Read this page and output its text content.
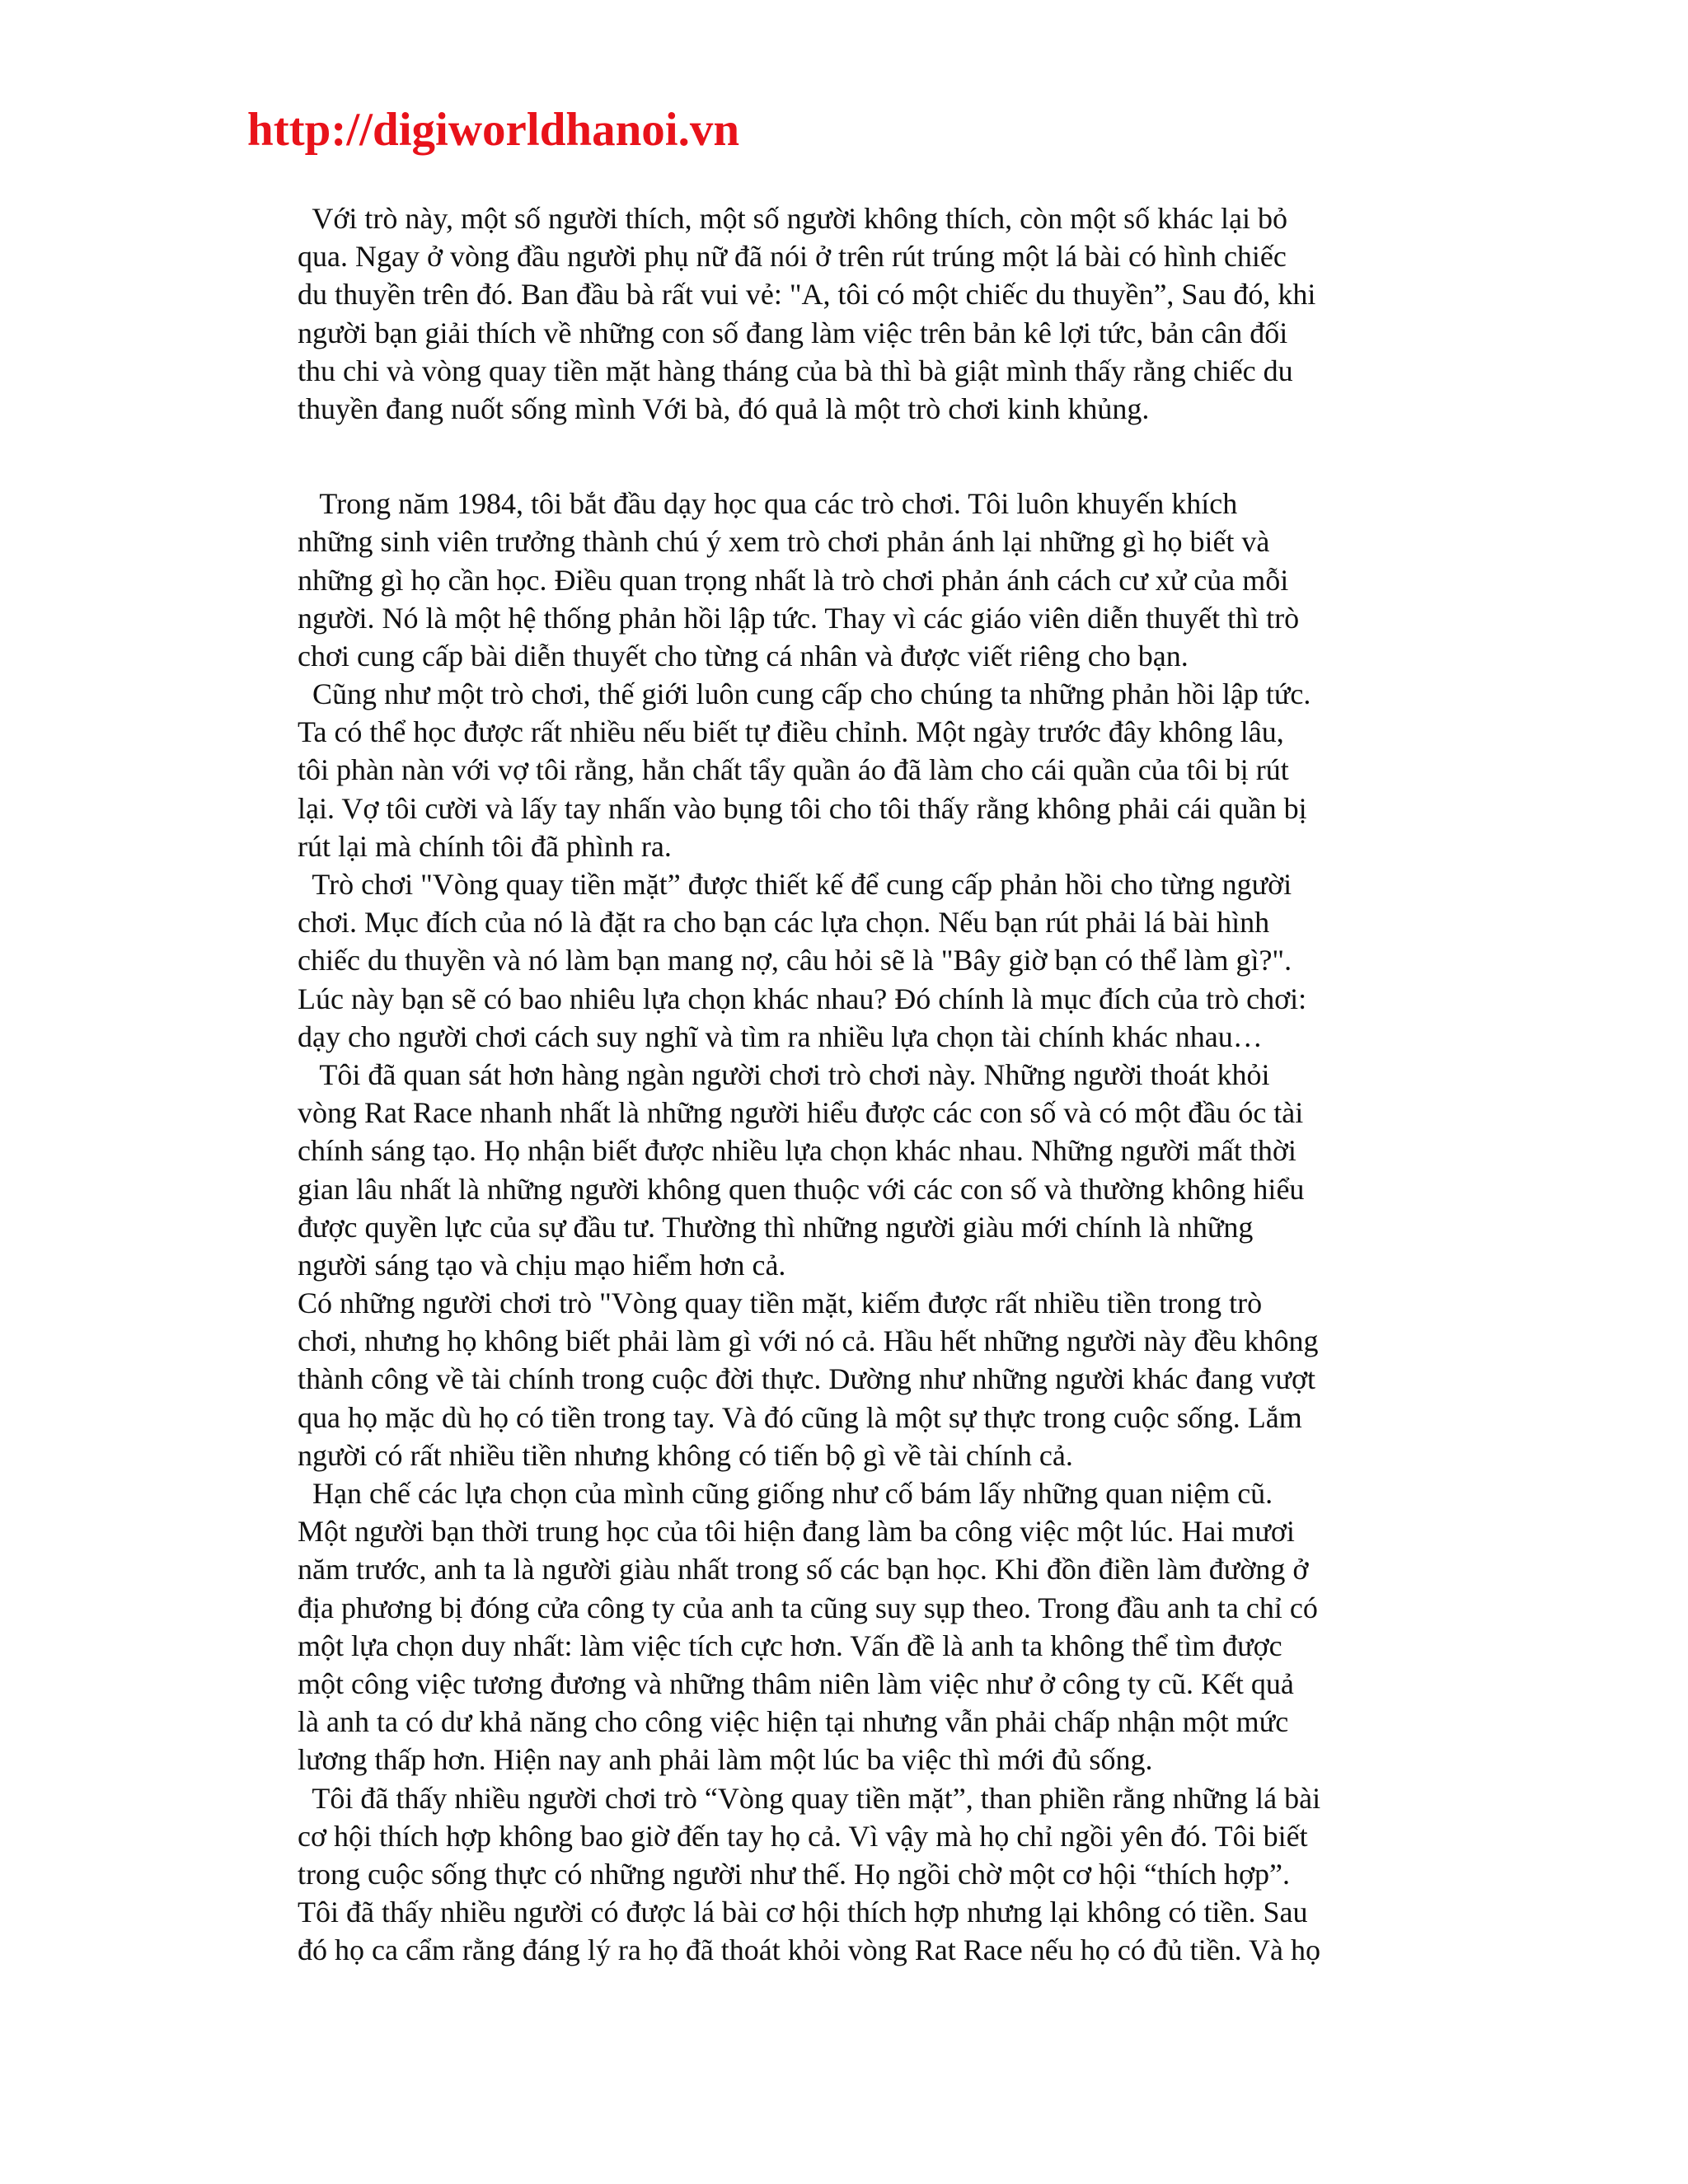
http://digiworldhanoi.vn
Với trò này, một số người thích, một số người không thích, còn một số khác lại bỏ
qua. Ngay ở vòng đầu người phụ nữ đã nói ở trên rút trúng một lá bài có hình chiếc
du thuyền trên đó. Ban đầu bà rất vui vẻ: "A, tôi có một chiếc du thuyền”, Sau đó, khi
người bạn giải thích về những con số đang làm việc trên bản kê lợi tức, bản cân đối
thu chi và vòng quay tiền mặt hàng tháng của bà thì bà giật mình thấy rằng chiếc du
thuyền đang nuốt sống mình Với bà, đó quả là một trò chơi kinh khủng.
Trong năm 1984, tôi bắt đầu dạy học qua các trò chơi. Tôi luôn khuyến khích
những sinh viên trưởng thành chú ý xem trò chơi phản ánh lại những gì họ biết và
những gì họ cần học. Điều quan trọng nhất là trò chơi phản ánh cách cư xử của mỗi
người. Nó là một hệ thống phản hồi lập tức. Thay vì các giáo viên diễn thuyết thì trò
chơi cung cấp bài diễn thuyết cho từng cá nhân và được viết riêng cho bạn.
Cũng như một trò chơi, thế giới luôn cung cấp cho chúng ta những phản hồi lập tức.
Ta có thể học được rất nhiều nếu biết tự điều chỉnh. Một ngày trước đây không lâu,
tôi phàn nàn với vợ tôi rằng, hẳn chất tẩy quần áo đã làm cho cái quần của tôi bị rút
lại. Vợ tôi cười và lấy tay nhấn vào bụng tôi cho tôi thấy rằng không phải cái quần bị
rút lại mà chính tôi đã phình ra.
Trò chơi "Vòng quay tiền mặt” được thiết kế để cung cấp phản hồi cho từng người
chơi. Mục đích của nó là đặt ra cho bạn các lựa chọn. Nếu bạn rút phải lá bài hình
chiếc du thuyền và nó làm bạn mang nợ, câu hỏi sẽ là "Bây giờ bạn có thể làm gì?".
Lúc này bạn sẽ có bao nhiêu lựa chọn khác nhau? Đó chính là mục đích của trò chơi:
dạy cho người chơi cách suy nghĩ và tìm ra nhiều lựa chọn tài chính khác nhau…
Tôi đã quan sát hơn hàng ngàn người chơi trò chơi này. Những người thoát khỏi
vòng Rat Race nhanh nhất là những người hiểu được các con số và có một đầu óc tài
chính sáng tạo. Họ nhận biết được nhiều lựa chọn khác nhau. Những người mất thời
gian lâu nhất là những người không quen thuộc với các con số và thường không hiểu
được quyền lực của sự đầu tư. Thường thì những người giàu mới chính là những
người sáng tạo và chịu mạo hiểm hơn cả.
Có những người chơi trò "Vòng quay tiền mặt, kiếm được rất nhiều tiền trong trò
chơi, nhưng họ không biết phải làm gì với nó cả. Hầu hết những người này đều không
thành công về tài chính trong cuộc đời thực. Dường như những người khác đang vượt
qua họ mặc dù họ có tiền trong tay. Và đó cũng là một sự thực trong cuộc sống. Lắm
người có rất nhiều tiền nhưng không có tiến bộ gì về tài chính cả.
Hạn chế các lựa chọn của mình cũng giống như cố bám lấy những quan niệm cũ.
Một người bạn thời trung học của tôi hiện đang làm ba công việc một lúc. Hai mươi
năm trước, anh ta là người giàu nhất trong số các bạn học. Khi đồn điền làm đường ở
địa phương bị đóng cửa công ty của anh ta cũng suy sụp theo. Trong đầu anh ta chỉ có
một lựa chọn duy nhất: làm việc tích cực hơn. Vấn đề là anh ta không thể tìm được
một công việc tương đương và những thâm niên làm việc như ở công ty cũ. Kết quả
là anh ta có dư khả năng cho công việc hiện tại nhưng vẫn phải chấp nhận một mức
lương thấp hơn. Hiện nay anh phải làm một lúc ba việc thì mới đủ sống.
Tôi đã thấy nhiều người chơi trò “Vòng quay tiền mặt”, than phiền rằng những lá bài
cơ hội thích hợp không bao giờ đến tay họ cả. Vì vậy mà họ chỉ ngồi yên đó. Tôi biết
trong cuộc sống thực có những người như thế. Họ ngồi chờ một cơ hội “thích hợp”.
Tôi đã thấy nhiều người có được lá bài cơ hội thích hợp nhưng lại không có tiền. Sau
đó họ ca cẩm rằng đáng lý ra họ đã thoát khỏi vòng Rat Race nếu họ có đủ tiền. Và họ
